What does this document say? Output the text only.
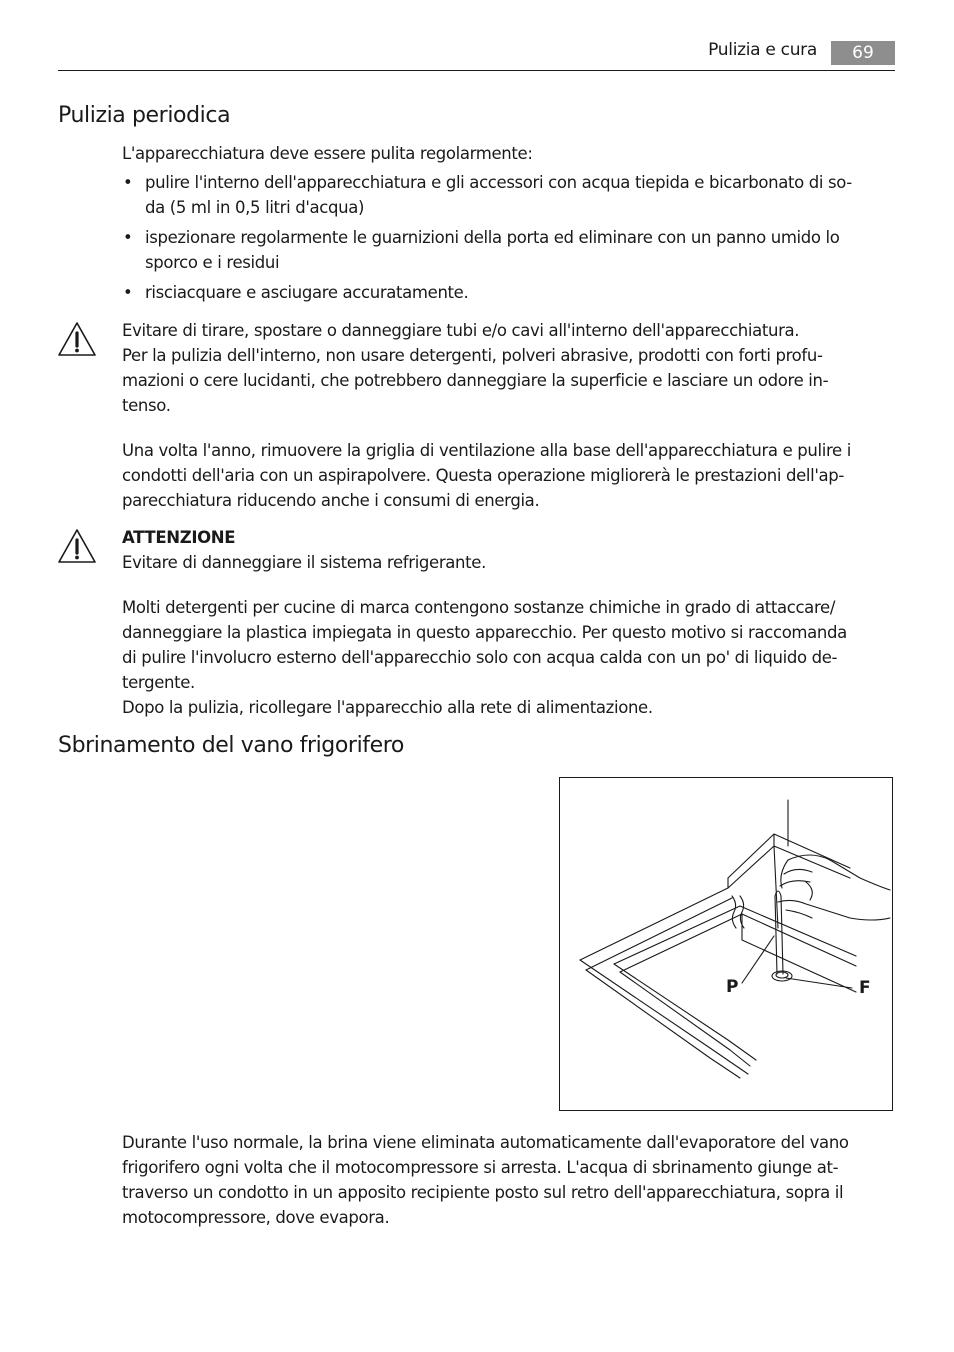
Pulizia e cura	69
Pulizia periodica
L'apparecchiatura deve essere pulita regolarmente:
• pulire l'interno dell'apparecchiatura e gli accessori con acqua tiepida e bicarbonato di so-
da (5 ml in 0,5 litri d'acqua)
• ispezionare regolarmente le guarnizioni della porta ed eliminare con un panno umido lo
sporco e i residui
• risciacquare e asciugare accuratamente.

Evitare di tirare, spostare o danneggiare tubi e/o cavi all'interno dell'apparecchiatura.

Per la pulizia dell'interno, non usare detergenti, polveri abrasive, prodotti con forti profu-

mazioni o cere lucidanti, che potrebbero danneggiare la superficie e lasciare un odore in-

tenso.

Una volta l'anno, rimuovere la griglia di ventilazione alla base dell'apparecchiatura e pulire i

condotti dell'aria con un aspirapolvere. Questa operazione migliorerà le prestazioni dell'ap-

parecchiatura riducendo anche i consumi di energia.

ATTENZIONE

Evitare di danneggiare il sistema refrigerante.

Molti detergenti per cucine di marca contengono sostanze chimiche in grado di attaccare/

danneggiare la plastica impiegata in questo apparecchio. Per questo motivo si raccomanda

di pulire l'involucro esterno dell'apparecchio solo con acqua calda con un po' di liquido de-

tergente.

Dopo la pulizia, ricollegare l'apparecchio alla rete di alimentazione.

Sbrinamento del vano frigorifero
P	F

Durante l'uso normale, la brina viene eliminata automaticamente dall'evaporatore del vano

frigorifero ogni volta che il motocompressore si arresta. L'acqua di sbrinamento giunge at-

traverso un condotto in un apposito recipiente posto sul retro dell'apparecchiatura, sopra il

motocompressore, dove evapora.
